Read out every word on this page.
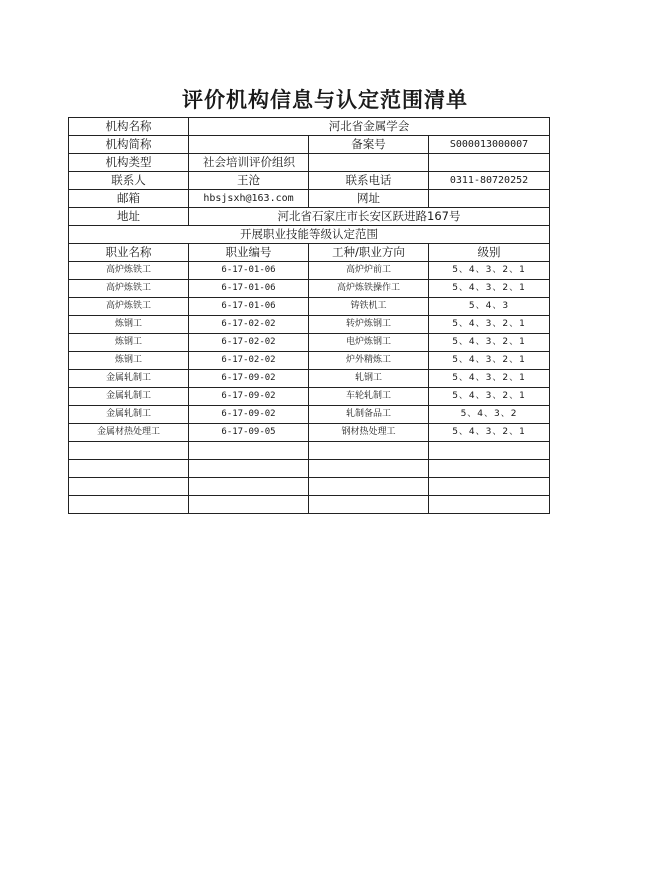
评价机构信息与认定范围清单
机构名称	河北省金属学会		
机构简称		备案号	S000013000007
机构类型	社会培训评价组织		
联系人	王沧	联系电话	0311-80720252
邮箱	hbsjsxh@163.com	网址	
地址	河北省石家庄市长安区跃进路167号		
开展职业技能等级认定范围			
职业名称	职业编号	工种/职业方向	级别
高炉炼铁工	6-17-01-06	高炉炉前工	5、4、3、2、1
高炉炼铁工	6-17-01-06	高炉炼铁操作工	5、4、3、2、1
高炉炼铁工	6-17-01-06	铸铁机工	5、4、3
炼钢工	6-17-02-02	转炉炼钢工	5、4、3、2、1
炼钢工	6-17-02-02	电炉炼钢工	5、4、3、2、1
炼钢工	6-17-02-02	炉外精炼工	5、4、3、2、1
金属轧制工	6-17-09-02	轧钢工	5、4、3、2、1
金属轧制工	6-17-09-02	车轮轧制工	5、4、3、2、1
金属轧制工	6-17-09-02	轧制备品工	5、4、3、2
金属材热处理工	6-17-09-05	钢材热处理工	5、4、3、2、1
